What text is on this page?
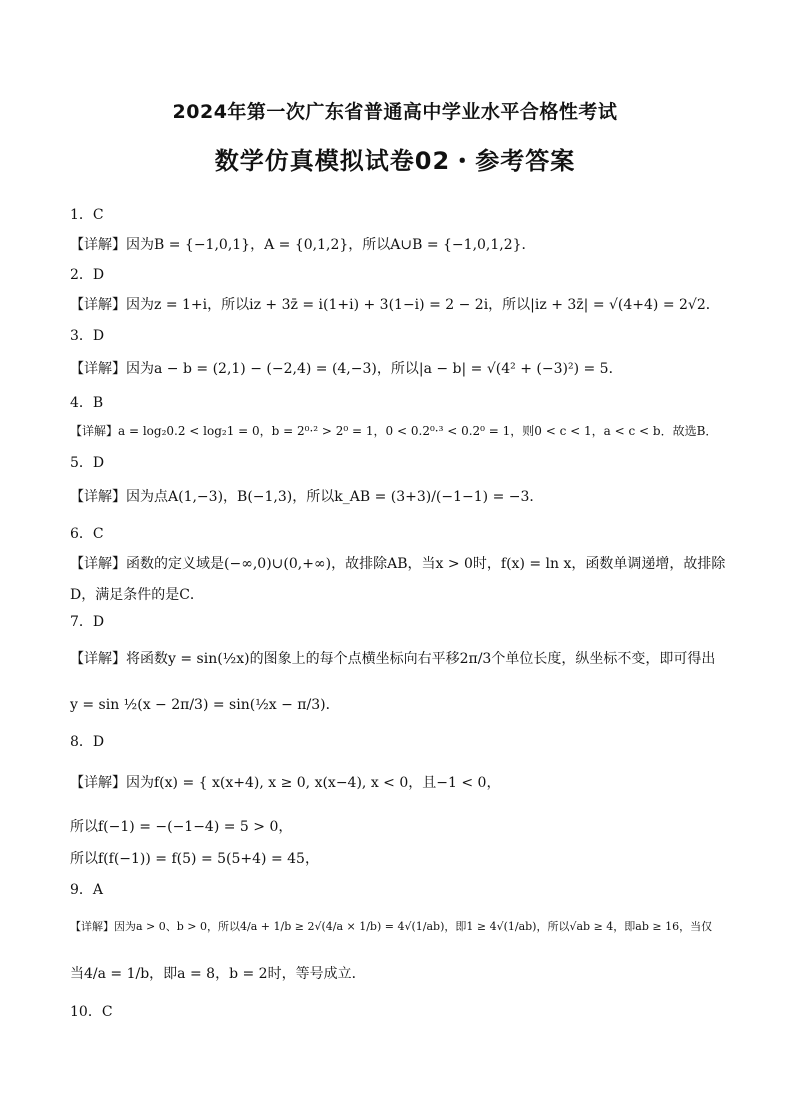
2024年第一次广东省普通高中学业水平合格性考试
数学仿真模拟试卷02・参考答案
1．C
【详解】因为B = {−1,0,1}，A = {0,1,2}，所以A∪B = {−1,0,1,2}．
2．D
【详解】因为z = 1+i，所以iz + 3z̄ = i(1+i) + 3(1−i) = 2 − 2i，所以|iz + 3z̄| = √(4+4) = 2√2．
3．D
【详解】因为a − b = (2,1) − (−2,4) = (4,−3)，所以|a − b| = √(4² + (−3)²) = 5．
4．B
【详解】a = log₂0.2 < log₂1 = 0，b = 2⁰·² > 2⁰ = 1，0 < 0.2⁰·³ < 0.2⁰ = 1，则0 < c < 1，a < c < b．故选B．
5．D
【详解】因为点A(1,−3)，B(−1,3)，所以k_AB = (3+3)/(−1−1) = −3．
6．C
【详解】函数的定义域是(−∞,0)∪(0,+∞)，故排除AB，当x > 0时，f(x) = ln x，函数单调递增，故排除
D，满足条件的是C．
7．D
【详解】将函数y = sin(½x)的图象上的每个点横坐标向右平移2π/3个单位长度，纵坐标不变，即可得出
y = sin ½(x − 2π/3) = sin(½x − π/3)．
8．D
【详解】因为f(x) = { x(x+4), x ≥ 0, x(x−4), x < 0，且−1 < 0，
所以f(−1) = −(−1−4) = 5 > 0，
所以f(f(−1)) = f(5) = 5(5+4) = 45，
9．A
【详解】因为a > 0、b > 0，所以4/a + 1/b ≥ 2√(4/a × 1/b) = 4√(1/ab)，即1 ≥ 4√(1/ab)，所以√ab ≥ 4，即ab ≥ 16，当仅
当4/a = 1/b，即a = 8，b = 2时，等号成立．
10．C
